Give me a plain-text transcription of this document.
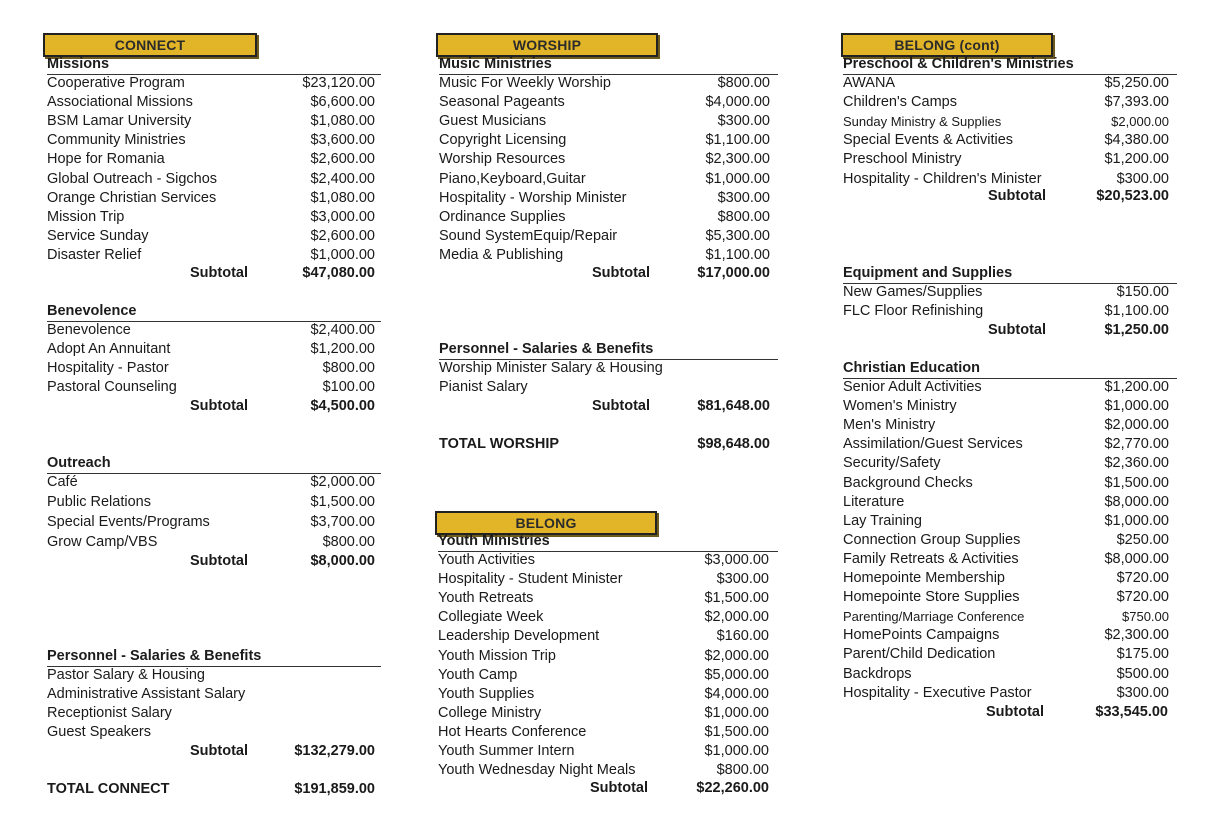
CONNECT
Missions
Cooperative Program	$23,120.00
Associational Missions	$6,600.00
BSM Lamar University	$1,080.00
Community Ministries	$3,600.00
Hope for Romania	$2,600.00
Global Outreach - Sigchos	$2,400.00
Orange Christian Services	$1,080.00
Mission Trip	$3,000.00
Service Sunday	$2,600.00
Disaster Relief	$1,000.00
Subtotal	$47,080.00
Benevolence
Benevolence	$2,400.00
Adopt An Annuitant	$1,200.00
Hospitality - Pastor	$800.00
Pastoral Counseling	$100.00
Subtotal	$4,500.00
Outreach
Café	$2,000.00
Public Relations	$1,500.00
Special Events/Programs	$3,700.00
Grow Camp/VBS	$800.00
Subtotal	$8,000.00
Personnel - Salaries & Benefits
Pastor Salary & Housing
Administrative Assistant Salary
Receptionist Salary
Guest Speakers
Subtotal	$132,279.00
TOTAL CONNECT	$191,859.00
WORSHIP
Music Ministries
Music For Weekly Worship	$800.00
Seasonal Pageants	$4,000.00
Guest Musicians	$300.00
Copyright Licensing	$1,100.00
Worship Resources	$2,300.00
Piano,Keyboard,Guitar	$1,000.00
Hospitality - Worship Minister	$300.00
Ordinance Supplies	$800.00
Sound SystemEquip/Repair	$5,300.00
Media & Publishing	$1,100.00
Subtotal	$17,000.00
Personnel - Salaries & Benefits
Worship Minister Salary & Housing
Pianist Salary
Subtotal	$81,648.00
TOTAL WORSHIP	$98,648.00
BELONG
Youth Ministries
Youth Activities	$3,000.00
Hospitality - Student Minister	$300.00
Youth Retreats	$1,500.00
Collegiate Week	$2,000.00
Leadership Development	$160.00
Youth Mission Trip	$2,000.00
Youth Camp	$5,000.00
Youth Supplies	$4,000.00
College Ministry	$1,000.00
Hot Hearts Conference	$1,500.00
Youth Summer Intern	$1,000.00
Youth Wednesday Night Meals	$800.00
Subtotal	$22,260.00
BELONG (cont)
Preschool & Children's Ministries
AWANA	$5,250.00
Children's Camps	$7,393.00
Sunday Ministry & Supplies	$2,000.00
Special Events & Activities	$4,380.00
Preschool Ministry	$1,200.00
Hospitality - Children's Minister	$300.00
Subtotal	$20,523.00
Equipment and Supplies
New Games/Supplies	$150.00
FLC Floor Refinishing	$1,100.00
Subtotal	$1,250.00
Christian Education
Senior Adult Activities	$1,200.00
Women's Ministry	$1,000.00
Men's Ministry	$2,000.00
Assimilation/Guest Services	$2,770.00
Security/Safety	$2,360.00
Background Checks	$1,500.00
Literature	$8,000.00
Lay Training	$1,000.00
Connection Group Supplies	$250.00
Family Retreats & Activities	$8,000.00
Homepointe Membership	$720.00
Homepointe Store Supplies	$720.00
Parenting/Marriage Conference	$750.00
HomePoints Campaigns	$2,300.00
Parent/Child Dedication	$175.00
Backdrops	$500.00
Hospitality - Executive Pastor	$300.00
Subtotal	$33,545.00
